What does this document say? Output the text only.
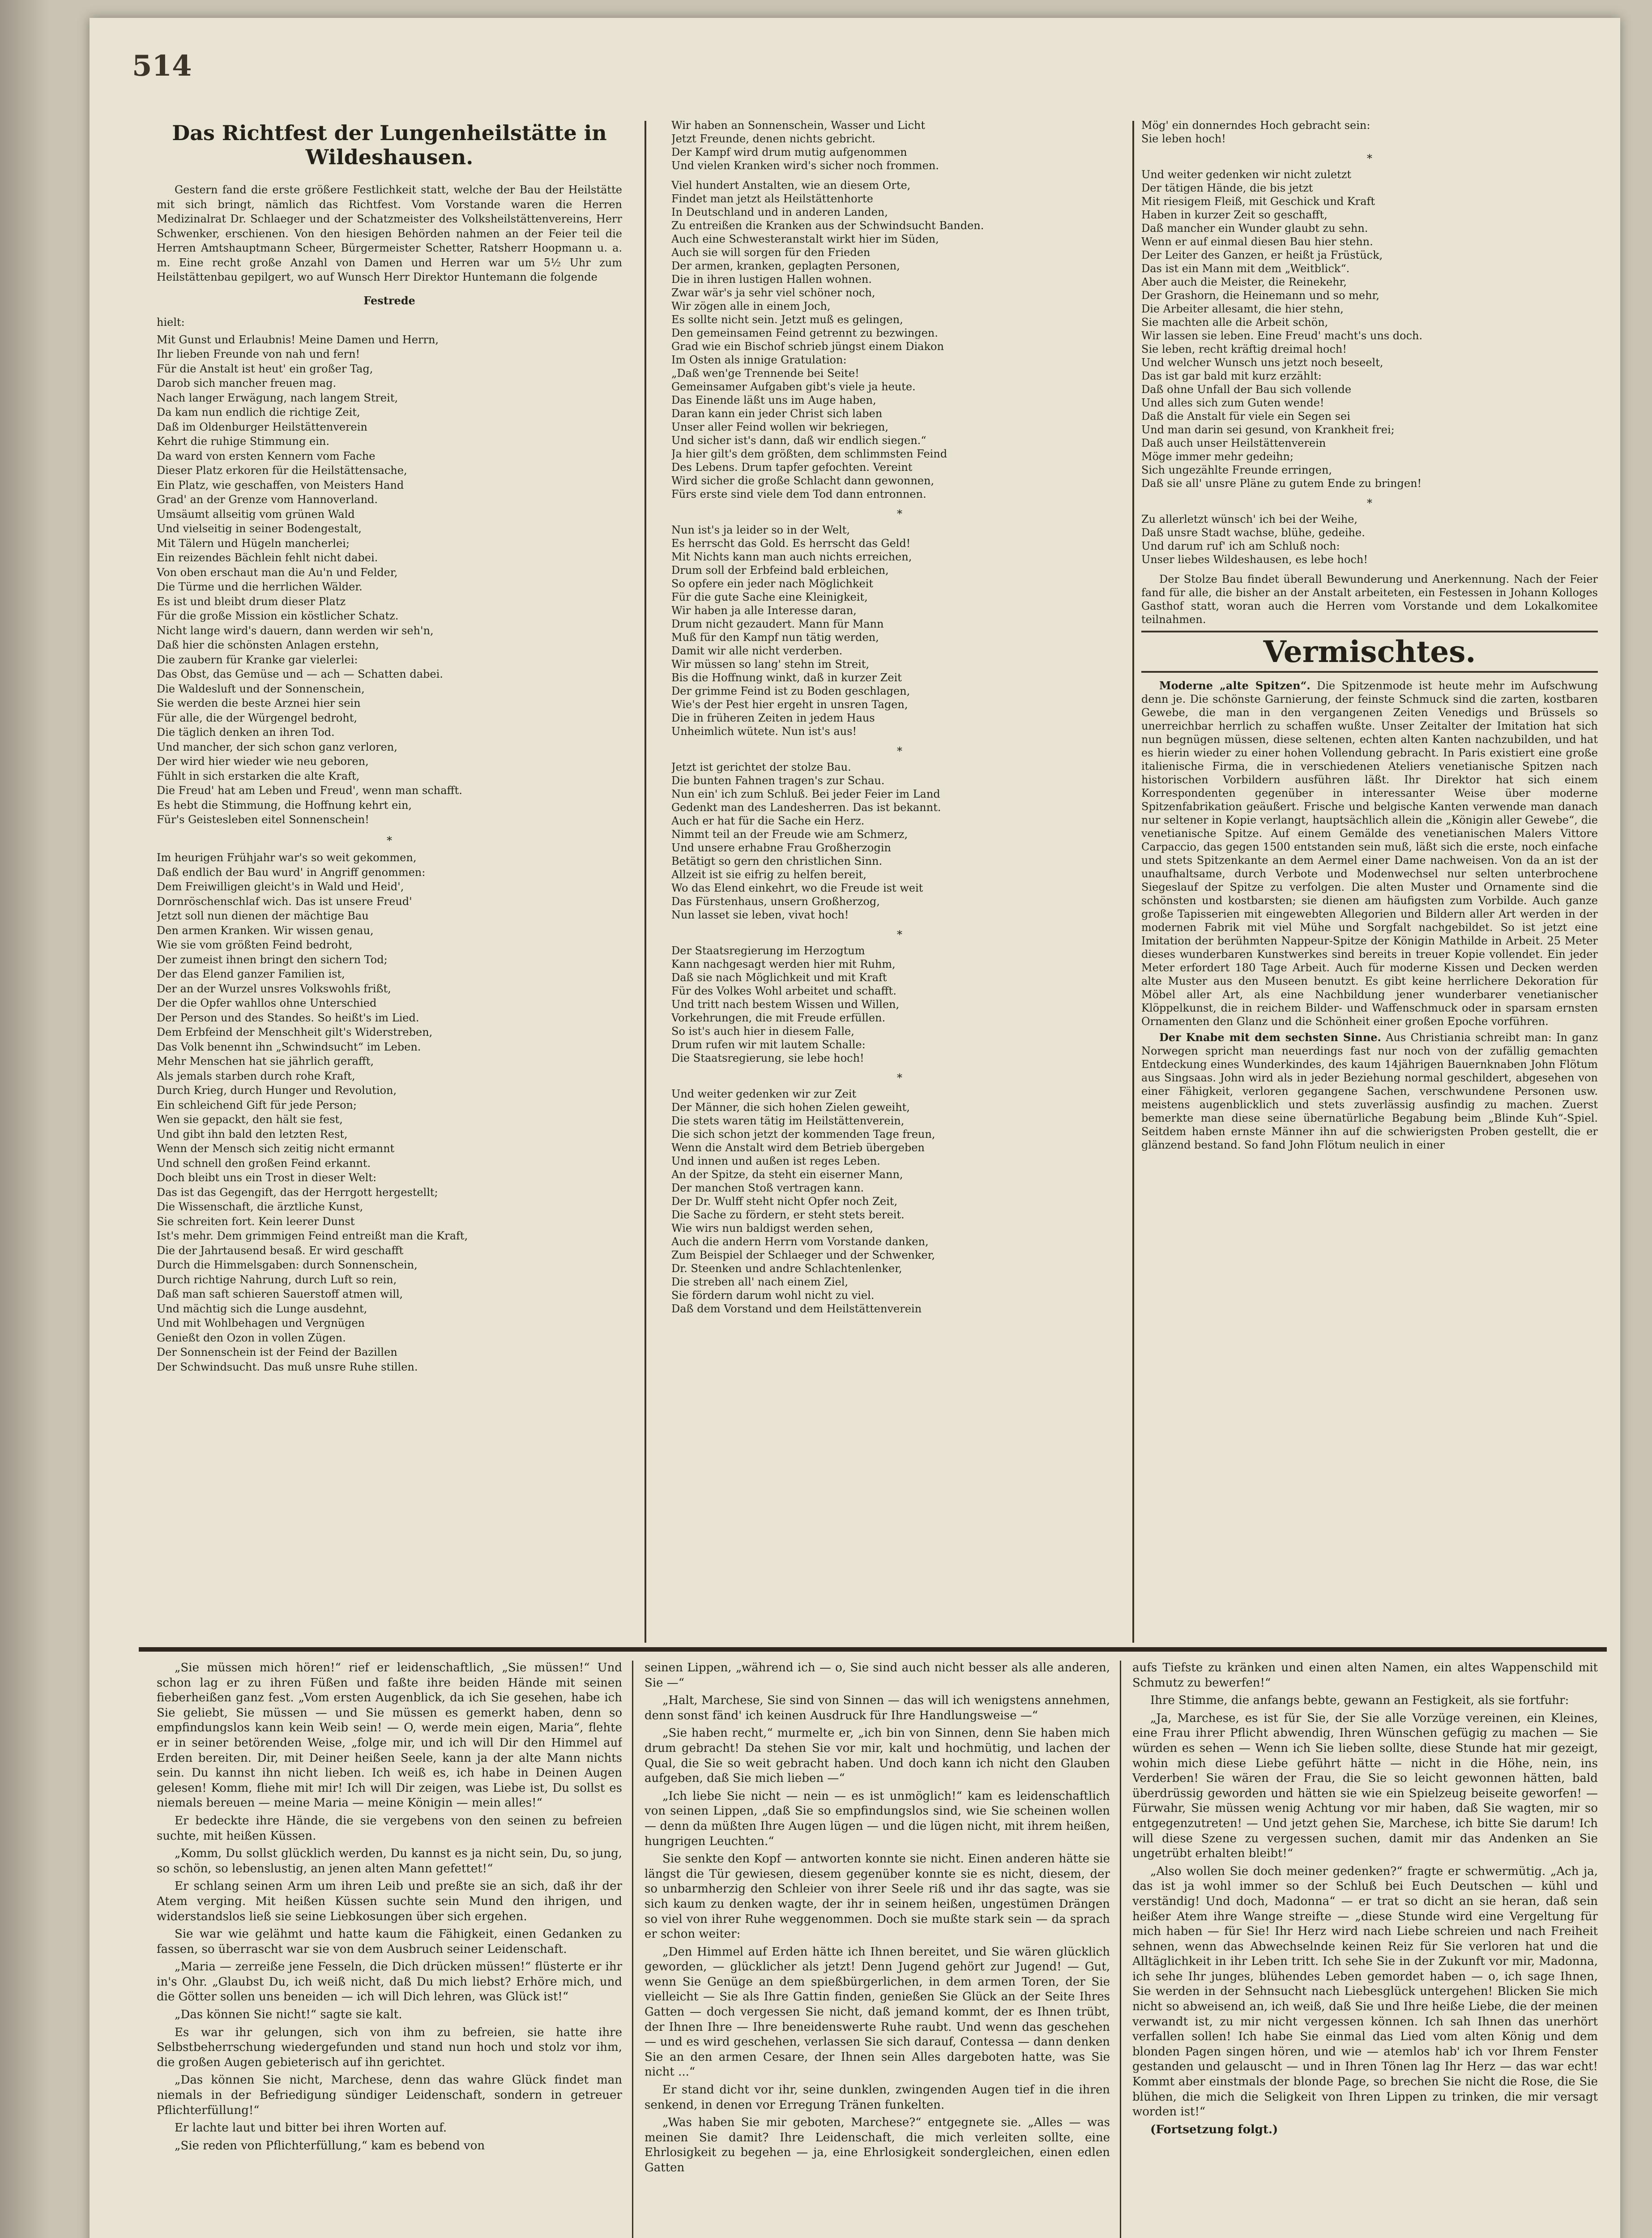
514
Das Richtfest der Lungenheilstätte in Wildeshausen.

Gestern fand die erste größere Festlichkeit statt, welche der Bau der Heilstätte mit sich bringt, nämlich das Richtfest. Vom Vorstande waren die Herren Medizinalrat Dr. Schlaeger und der Schatzmeister des Volksheilstättenvereins, Herr Schwenker, erschienen. Von den hiesigen Behörden nahmen an der Feier teil die Herren Amtshauptmann Scheer, Bürgermeister Schetter, Ratsherr Hoopmann u. a. m. Eine recht große Anzahl von Damen und Herren war um 5½ Uhr zum Heilstättenbau gepilgert, wo auf Wunsch Herr Direktor Huntemann die folgende

Festrede

hielt:

Mit Gunst und Erlaubnis! Meine Damen und Herrn,
Ihr lieben Freunde von nah und fern!
Für die Anstalt ist heut' ein großer Tag,
Darob sich mancher freuen mag.
Nach langer Erwägung, nach langem Streit,
Da kam nun endlich die richtige Zeit,
Daß im Oldenburger Heilstättenverein
Kehrt die ruhige Stimmung ein.
Da ward von ersten Kennern vom Fache
Dieser Platz erkoren für die Heilstättensache,
Ein Platz, wie geschaffen, von Meisters Hand
Grad' an der Grenze vom Hannoverland.
Umsäumt allseitig vom grünen Wald
Und vielseitig in seiner Bodengestalt,
Mit Tälern und Hügeln mancherlei;
Ein reizendes Bächlein fehlt nicht dabei.
Von oben erschaut man die Au'n und Felder,
Die Türme und die herrlichen Wälder.
Es ist und bleibt drum dieser Platz
Für die große Mission ein köstlicher Schatz.
Nicht lange wird's dauern, dann werden wir seh'n,
Daß hier die schönsten Anlagen erstehn,
Die zaubern für Kranke gar vielerlei:
Das Obst, das Gemüse und — ach — Schatten dabei.
Die Waldesluft und der Sonnenschein,
Sie werden die beste Arznei hier sein
Für alle, die der Würgengel bedroht,
Die täglich denken an ihren Tod.
Und mancher, der sich schon ganz verloren,
Der wird hier wieder wie neu geboren,
Fühlt in sich erstarken die alte Kraft,
Die Freud' hat am Leben und Freud', wenn man schafft.
Es hebt die Stimmung, die Hoffnung kehrt ein,
Für's Geistesleben eitel Sonnenschein!
*
Im heurigen Frühjahr war's so weit gekommen,
Daß endlich der Bau wurd' in Angriff genommen:
Dem Freiwilligen gleicht's in Wald und Heid',
Dornröschenschlaf wich. Das ist unsere Freud'
Jetzt soll nun dienen der mächtige Bau
Den armen Kranken. Wir wissen genau,
Wie sie vom größten Feind bedroht,
Der zumeist ihnen bringt den sichern Tod;
Der das Elend ganzer Familien ist,
Der an der Wurzel unsres Volkswohls frißt,
Der die Opfer wahllos ohne Unterschied
Der Person und des Standes. So heißt's im Lied.
Dem Erbfeind der Menschheit gilt's Widerstreben,
Das Volk benennt ihn „Schwindsucht“ im Leben.
Mehr Menschen hat sie jährlich gerafft,
Als jemals starben durch rohe Kraft,
Durch Krieg, durch Hunger und Revolution,
Ein schleichend Gift für jede Person;
Wen sie gepackt, den hält sie fest,
Und gibt ihn bald den letzten Rest,
Wenn der Mensch sich zeitig nicht ermannt
Und schnell den großen Feind erkannt.
Doch bleibt uns ein Trost in dieser Welt:
Das ist das Gegengift, das der Herrgott hergestellt;
Die Wissenschaft, die ärztliche Kunst,
Sie schreiten fort. Kein leerer Dunst
Ist's mehr. Dem grimmigen Feind entreißt man die Kraft,
Die der Jahrtausend besaß. Er wird geschafft
Durch die Himmelsgaben: durch Sonnenschein,
Durch richtige Nahrung, durch Luft so rein,
Daß man saft schieren Sauerstoff atmen will,
Und mächtig sich die Lunge ausdehnt,
Und mit Wohlbehagen und Vergnügen
Genießt den Ozon in vollen Zügen.
Der Sonnenschein ist der Feind der Bazillen
Der Schwindsucht. Das muß unsre Ruhe stillen.
Wir haben an Sonnenschein, Wasser und Licht
Jetzt Freunde, denen nichts gebricht.
Der Kampf wird drum mutig aufgenommen
Und vielen Kranken wird's sicher noch frommen.
Viel hundert Anstalten, wie an diesem Orte,
Findet man jetzt als Heilstättenhorte
In Deutschland und in anderen Landen,
Zu entreißen die Kranken aus der Schwindsucht Banden.
Auch eine Schwesteranstalt wirkt hier im Süden,
Auch sie will sorgen für den Frieden
Der armen, kranken, geplagten Personen,
Die in ihren lustigen Hallen wohnen.
Zwar wär's ja sehr viel schöner noch,
Wir zögen alle in einem Joch,
Es sollte nicht sein. Jetzt muß es gelingen,
Den gemeinsamen Feind getrennt zu bezwingen.
Grad wie ein Bischof schrieb jüngst einem Diakon
Im Osten als innige Gratulation:
„Daß wen'ge Trennende bei Seite!
Gemeinsamer Aufgaben gibt's viele ja heute.
Das Einende läßt uns im Auge haben,
Daran kann ein jeder Christ sich laben
Unser aller Feind wollen wir bekriegen,
Und sicher ist's dann, daß wir endlich siegen.“
Ja hier gilt's dem größten, dem schlimmsten Feind
Des Lebens. Drum tapfer gefochten. Vereint
Wird sicher die große Schlacht dann gewonnen,
Fürs erste sind viele dem Tod dann entronnen.
*
Nun ist's ja leider so in der Welt,
Es herrscht das Gold. Es herrscht das Geld!
Mit Nichts kann man auch nichts erreichen,
Drum soll der Erbfeind bald erbleichen,
So opfere ein jeder nach Möglichkeit
Für die gute Sache eine Kleinigkeit,
Wir haben ja alle Interesse daran,
Drum nicht gezaudert. Mann für Mann
Muß für den Kampf nun tätig werden,
Damit wir alle nicht verderben.
Wir müssen so lang' stehn im Streit,
Bis die Hoffnung winkt, daß in kurzer Zeit
Der grimme Feind ist zu Boden geschlagen,
Wie's der Pest hier ergeht in unsren Tagen,
Die in früheren Zeiten in jedem Haus
Unheimlich wütete. Nun ist's aus!
*
Jetzt ist gerichtet der stolze Bau.
Die bunten Fahnen tragen's zur Schau.
Nun ein' ich zum Schluß. Bei jeder Feier im Land
Gedenkt man des Landesherren. Das ist bekannt.
Auch er hat für die Sache ein Herz.
Nimmt teil an der Freude wie am Schmerz,
Und unsere erhabne Frau Großherzogin
Betätigt so gern den christlichen Sinn.
Allzeit ist sie eifrig zu helfen bereit,
Wo das Elend einkehrt, wo die Freude ist weit
Das Fürstenhaus, unsern Großherzog,
Nun lasset sie leben, vivat hoch!
*
Der Staatsregierung im Herzogtum
Kann nachgesagt werden hier mit Ruhm,
Daß sie nach Möglichkeit und mit Kraft
Für des Volkes Wohl arbeitet und schafft.
Und tritt nach bestem Wissen und Willen,
Vorkehrungen, die mit Freude erfüllen.
So ist's auch hier in diesem Falle,
Drum rufen wir mit lautem Schalle:
Die Staatsregierung, sie lebe hoch!
*
Und weiter gedenken wir zur Zeit
Der Männer, die sich hohen Zielen geweiht,
Die stets waren tätig im Heilstättenverein,
Die sich schon jetzt der kommenden Tage freun,
Wenn die Anstalt wird dem Betrieb übergeben
Und innen und außen ist reges Leben.
An der Spitze, da steht ein eiserner Mann,
Der manchen Stoß vertragen kann.
Der Dr. Wulff steht nicht Opfer noch Zeit,
Die Sache zu fördern, er steht stets bereit.
Wie wirs nun baldigst werden sehen,
Auch die andern Herrn vom Vorstande danken,
Zum Beispiel der Schlaeger und der Schwenker,
Dr. Steenken und andre Schlachtenlenker,
Die streben all' nach einem Ziel,
Sie fördern darum wohl nicht zu viel.
Daß dem Vorstand und dem Heilstättenverein
Mög' ein donnerndes Hoch gebracht sein:
Sie leben hoch!
*
Und weiter gedenken wir nicht zuletzt
Der tätigen Hände, die bis jetzt
Mit riesigem Fleiß, mit Geschick und Kraft
Haben in kurzer Zeit so geschafft,
Daß mancher ein Wunder glaubt zu sehn.
Wenn er auf einmal diesen Bau hier stehn.
Der Leiter des Ganzen, er heißt ja Früstück,
Das ist ein Mann mit dem „Weitblick“.
Aber auch die Meister, die Reinekehr,
Der Grashorn, die Heinemann und so mehr,
Die Arbeiter allesamt, die hier stehn,
Sie machten alle die Arbeit schön,
Wir lassen sie leben. Eine Freud' macht's uns doch.
Sie leben, recht kräftig dreimal hoch!
Und welcher Wunsch uns jetzt noch beseelt,
Das ist gar bald mit kurz erzählt:
Daß ohne Unfall der Bau sich vollende
Und alles sich zum Guten wende!
Daß die Anstalt für viele ein Segen sei
Und man darin sei gesund, von Krankheit frei;
Daß auch unser Heilstättenverein
Möge immer mehr gedeihn;
Sich ungezählte Freunde erringen,
Daß sie all' unsre Pläne zu gutem Ende zu bringen!
*
Zu allerletzt wünsch' ich bei der Weihe,
Daß unsre Stadt wachse, blühe, gedeihe.
Und darum ruf' ich am Schluß noch:
Unser liebes Wildeshausen, es lebe hoch!

Der Stolze Bau findet überall Bewunderung und Anerkennung. Nach der Feier fand für alle, die bisher an der Anstalt arbeiteten, ein Festessen in Johann Kolloges Gasthof statt, woran auch die Herren vom Vorstande und dem Lokalkomitee teilnahmen.

Vermischtes.

Moderne „alte Spitzen“. Die Spitzenmode ist heute mehr im Aufschwung denn je. Die schönste Garnierung, der feinste Schmuck sind die zarten, kostbaren Gewebe, die man in den vergangenen Zeiten Venedigs und Brüssels so unerreichbar herrlich zu schaffen wußte. Unser Zeitalter der Imitation hat sich nun begnügen müssen, diese seltenen, echten alten Kanten nachzubilden, und hat es hierin wieder zu einer hohen Vollendung gebracht. In Paris existiert eine große italienische Firma, die in verschiedenen Ateliers venetianische Spitzen nach historischen Vorbildern ausführen läßt. Ihr Direktor hat sich einem Korrespondenten gegenüber in interessanter Weise über moderne Spitzenfabrikation geäußert. Frische und belgische Kanten verwende man danach nur seltener in Kopie verlangt, hauptsächlich allein die „Königin aller Gewebe“, die venetianische Spitze. Auf einem Gemälde des venetianischen Malers Vittore Carpaccio, das gegen 1500 entstanden sein muß, läßt sich die erste, noch einfache und stets Spitzenkante an dem Aermel einer Dame nachweisen. Von da an ist der unaufhaltsame, durch Verbote und Modenwechsel nur selten unterbrochene Siegeslauf der Spitze zu verfolgen. Die alten Muster und Ornamente sind die schönsten und kostbarsten; sie dienen am häufigsten zum Vorbilde. Auch ganze große Tapisserien mit eingewebten Allegorien und Bildern aller Art werden in der modernen Fabrik mit viel Mühe und Sorgfalt nachgebildet. So ist jetzt eine Imitation der berühmten Nappeur-Spitze der Königin Mathilde in Arbeit. 25 Meter dieses wunderbaren Kunstwerkes sind bereits in treuer Kopie vollendet. Ein jeder Meter erfordert 180 Tage Arbeit. Auch für moderne Kissen und Decken werden alte Muster aus den Museen benutzt. Es gibt keine herrlichere Dekoration für Möbel aller Art, als eine Nachbildung jener wunderbarer venetianischer Klöppelkunst, die in reichem Bilder- und Waffenschmuck oder in sparsam ernsten Ornamenten den Glanz und die Schönheit einer großen Epoche vorführen.

Der Knabe mit dem sechsten Sinne. Aus Christiania schreibt man: In ganz Norwegen spricht man neuerdings fast nur noch von der zufällig gemachten Entdeckung eines Wunderkindes, des kaum 14jährigen Bauernknaben John Flötum aus Singsaas. John wird als in jeder Beziehung normal geschildert, abgesehen von einer Fähigkeit, verloren gegangene Sachen, verschwundene Personen usw. meistens augenblicklich und stets zuverlässig ausfindig zu machen. Zuerst bemerkte man diese seine übernatürliche Begabung beim „Blinde Kuh“-Spiel. Seitdem haben ernste Männer ihn auf die schwierigsten Proben gestellt, die er glänzend bestand. So fand John Flötum neulich in einer

„Sie müssen mich hören!“ rief er leidenschaftlich, „Sie müssen!“ Und schon lag er zu ihren Füßen und faßte ihre beiden Hände mit seinen fieberheißen ganz fest. „Vom ersten Augenblick, da ich Sie gesehen, habe ich Sie geliebt, Sie müssen — und Sie müssen es gemerkt haben, denn so empfindungslos kann kein Weib sein! — O, werde mein eigen, Maria“, flehte er in seiner betörenden Weise, „folge mir, und ich will Dir den Himmel auf Erden bereiten. Dir, mit Deiner heißen Seele, kann ja der alte Mann nichts sein. Du kannst ihn nicht lieben. Ich weiß es, ich habe in Deinen Augen gelesen! Komm, fliehe mit mir! Ich will Dir zeigen, was Liebe ist, Du sollst es niemals bereuen — meine Maria — meine Königin — mein alles!“

Er bedeckte ihre Hände, die sie vergebens von den seinen zu befreien suchte, mit heißen Küssen.

„Komm, Du sollst glücklich werden, Du kannst es ja nicht sein, Du, so jung, so schön, so lebenslustig, an jenen alten Mann gefettet!“

Er schlang seinen Arm um ihren Leib und preßte sie an sich, daß ihr der Atem verging. Mit heißen Küssen suchte sein Mund den ihrigen, und widerstandslos ließ sie seine Liebkosungen über sich ergehen.

Sie war wie gelähmt und hatte kaum die Fähigkeit, einen Gedanken zu fassen, so überrascht war sie von dem Ausbruch seiner Leidenschaft.

„Maria — zerreiße jene Fesseln, die Dich drücken müssen!“ flüsterte er ihr in's Ohr. „Glaubst Du, ich weiß nicht, daß Du mich liebst? Erhöre mich, und die Götter sollen uns beneiden — ich will Dich lehren, was Glück ist!“

„Das können Sie nicht!“ sagte sie kalt.

Es war ihr gelungen, sich von ihm zu befreien, sie hatte ihre Selbstbeherrschung wiedergefunden und stand nun hoch und stolz vor ihm, die großen Augen gebieterisch auf ihn gerichtet.

„Das können Sie nicht, Marchese, denn das wahre Glück findet man niemals in der Befriedigung sündiger Leidenschaft, sondern in getreuer Pflichterfüllung!“

Er lachte laut und bitter bei ihren Worten auf.

„Sie reden von Pflichterfüllung,“ kam es bebend von

seinen Lippen, „während ich — o, Sie sind auch nicht besser als alle anderen, Sie —“

„Halt, Marchese, Sie sind von Sinnen — das will ich wenigstens annehmen, denn sonst fänd' ich keinen Ausdruck für Ihre Handlungsweise —“

„Sie haben recht,“ murmelte er, „ich bin von Sinnen, denn Sie haben mich drum gebracht! Da stehen Sie vor mir, kalt und hochmütig, und lachen der Qual, die Sie so weit gebracht haben. Und doch kann ich nicht den Glauben aufgeben, daß Sie mich lieben —“

„Ich liebe Sie nicht — nein — es ist unmöglich!“ kam es leidenschaftlich von seinen Lippen, „daß Sie so empfindungslos sind, wie Sie scheinen wollen — denn da müßten Ihre Augen lügen — und die lügen nicht, mit ihrem heißen, hungrigen Leuchten.“

Sie senkte den Kopf — antworten konnte sie nicht. Einen anderen hätte sie längst die Tür gewiesen, diesem gegenüber konnte sie es nicht, diesem, der so unbarmherzig den Schleier von ihrer Seele riß und ihr das sagte, was sie sich kaum zu denken wagte, der ihr in seinem heißen, ungestümen Drängen so viel von ihrer Ruhe weggenommen. Doch sie mußte stark sein — da sprach er schon weiter:

„Den Himmel auf Erden hätte ich Ihnen bereitet, und Sie wären glücklich geworden, — glücklicher als jetzt! Denn Jugend gehört zur Jugend! — Gut, wenn Sie Genüge an dem spießbürgerlichen, in dem armen Toren, der Sie vielleicht — Sie als Ihre Gattin finden, genießen Sie Glück an der Seite Ihres Gatten — doch vergessen Sie nicht, daß jemand kommt, der es Ihnen trübt, der Ihnen Ihre — Ihre beneidenswerte Ruhe raubt. Und wenn das geschehen — und es wird geschehen, verlassen Sie sich darauf, Contessa — dann denken Sie an den armen Cesare, der Ihnen sein Alles dargeboten hatte, was Sie nicht ...“

Er stand dicht vor ihr, seine dunklen, zwingenden Augen tief in die ihren senkend, in denen vor Erregung Tränen funkelten.

„Was haben Sie mir geboten, Marchese?“ entgegnete sie. „Alles — was meinen Sie damit? Ihre Leidenschaft, die mich verleiten sollte, eine Ehrlosigkeit zu begehen — ja, eine Ehrlosigkeit sondergleichen, einen edlen Gatten

aufs Tiefste zu kränken und einen alten Namen, ein altes Wappenschild mit Schmutz zu bewerfen!“

Ihre Stimme, die anfangs bebte, gewann an Festigkeit, als sie fortfuhr:

„Ja, Marchese, es ist für Sie, der Sie alle Vorzüge vereinen, ein Kleines, eine Frau ihrer Pflicht abwendig, Ihren Wünschen gefügig zu machen — Sie würden es sehen — Wenn ich Sie lieben sollte, diese Stunde hat mir gezeigt, wohin mich diese Liebe geführt hätte — nicht in die Höhe, nein, ins Verderben! Sie wären der Frau, die Sie so leicht gewonnen hätten, bald überdrüssig geworden und hätten sie wie ein Spielzeug beiseite geworfen! — Fürwahr, Sie müssen wenig Achtung vor mir haben, daß Sie wagten, mir so entgegenzutreten! — Und jetzt gehen Sie, Marchese, ich bitte Sie darum! Ich will diese Szene zu vergessen suchen, damit mir das Andenken an Sie ungetrübt erhalten bleibt!“

„Also wollen Sie doch meiner gedenken?“ fragte er schwermütig. „Ach ja, das ist ja wohl immer so der Schluß bei Euch Deutschen — kühl und verständig! Und doch, Madonna“ — er trat so dicht an sie heran, daß sein heißer Atem ihre Wange streifte — „diese Stunde wird eine Vergeltung für mich haben — für Sie! Ihr Herz wird nach Liebe schreien und nach Freiheit sehnen, wenn das Abwechselnde keinen Reiz für Sie verloren hat und die Alltäglichkeit in ihr Leben tritt. Ich sehe Sie in der Zukunft vor mir, Madonna, ich sehe Ihr junges, blühendes Leben gemordet haben — o, ich sage Ihnen, Sie werden in der Sehnsucht nach Liebesglück untergehen! Blicken Sie mich nicht so abweisend an, ich weiß, daß Sie und Ihre heiße Liebe, die der meinen verwandt ist, zu mir nicht vergessen können. Ich sah Ihnen das unerhört verfallen sollen! Ich habe Sie einmal das Lied vom alten König und dem blonden Pagen singen hören, und wie — atemlos hab' ich vor Ihrem Fenster gestanden und gelauscht — und in Ihren Tönen lag Ihr Herz — das war echt! Kommt aber einstmals der blonde Page, so brechen Sie nicht die Rose, die Sie blühen, die mich die Seligkeit von Ihren Lippen zu trinken, die mir versagt worden ist!“

(Fortsetzung folgt.)
